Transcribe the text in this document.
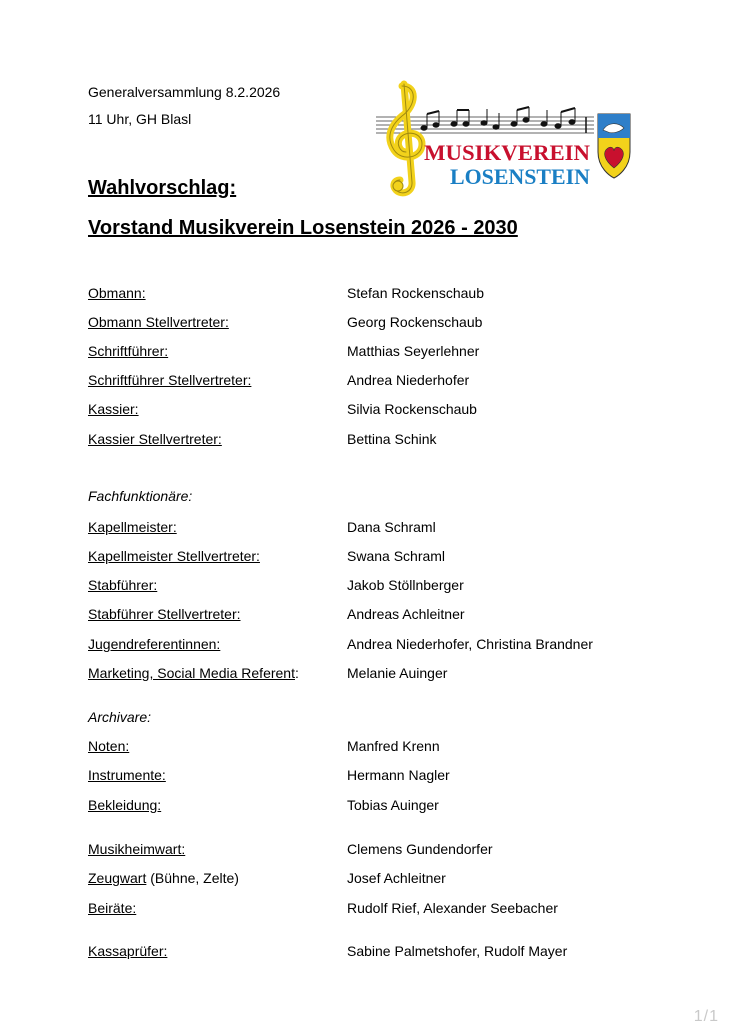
Generalversammlung 8.2.2026
11 Uhr, GH Blasl
MUSIKVEREIN
LOSENSTEIN
Wahlvorschlag:
Vorstand Musikverein Losenstein 2026 - 2030
Obmann:	Stefan Rockenschaub
Obmann Stellvertreter:	Georg Rockenschaub
Schriftführer:	Matthias Seyerlehner
Schriftführer Stellvertreter:	Andrea Niederhofer
Kassier:	Silvia Rockenschaub
Kassier Stellvertreter:	Bettina Schink
Fachfunktionäre:
Kapellmeister:	Dana Schraml
Kapellmeister Stellvertreter:	Swana Schraml
Stabführer:	Jakob Stöllnberger
Stabführer Stellvertreter:	Andreas Achleitner
Jugendreferentinnen:	Andrea Niederhofer, Christina Brandner
Marketing, Social Media Referent:	Melanie Auinger
Archivare:
Noten:	Manfred Krenn
Instrumente:	Hermann Nagler
Bekleidung:	Tobias Auinger
Musikheimwart:	Clemens Gundendorfer
Zeugwart (Bühne, Zelte)	Josef Achleitner
Beiräte:	Rudolf Rief, Alexander Seebacher
Kassaprüfer:	Sabine Palmetshofer, Rudolf Mayer
1/1
